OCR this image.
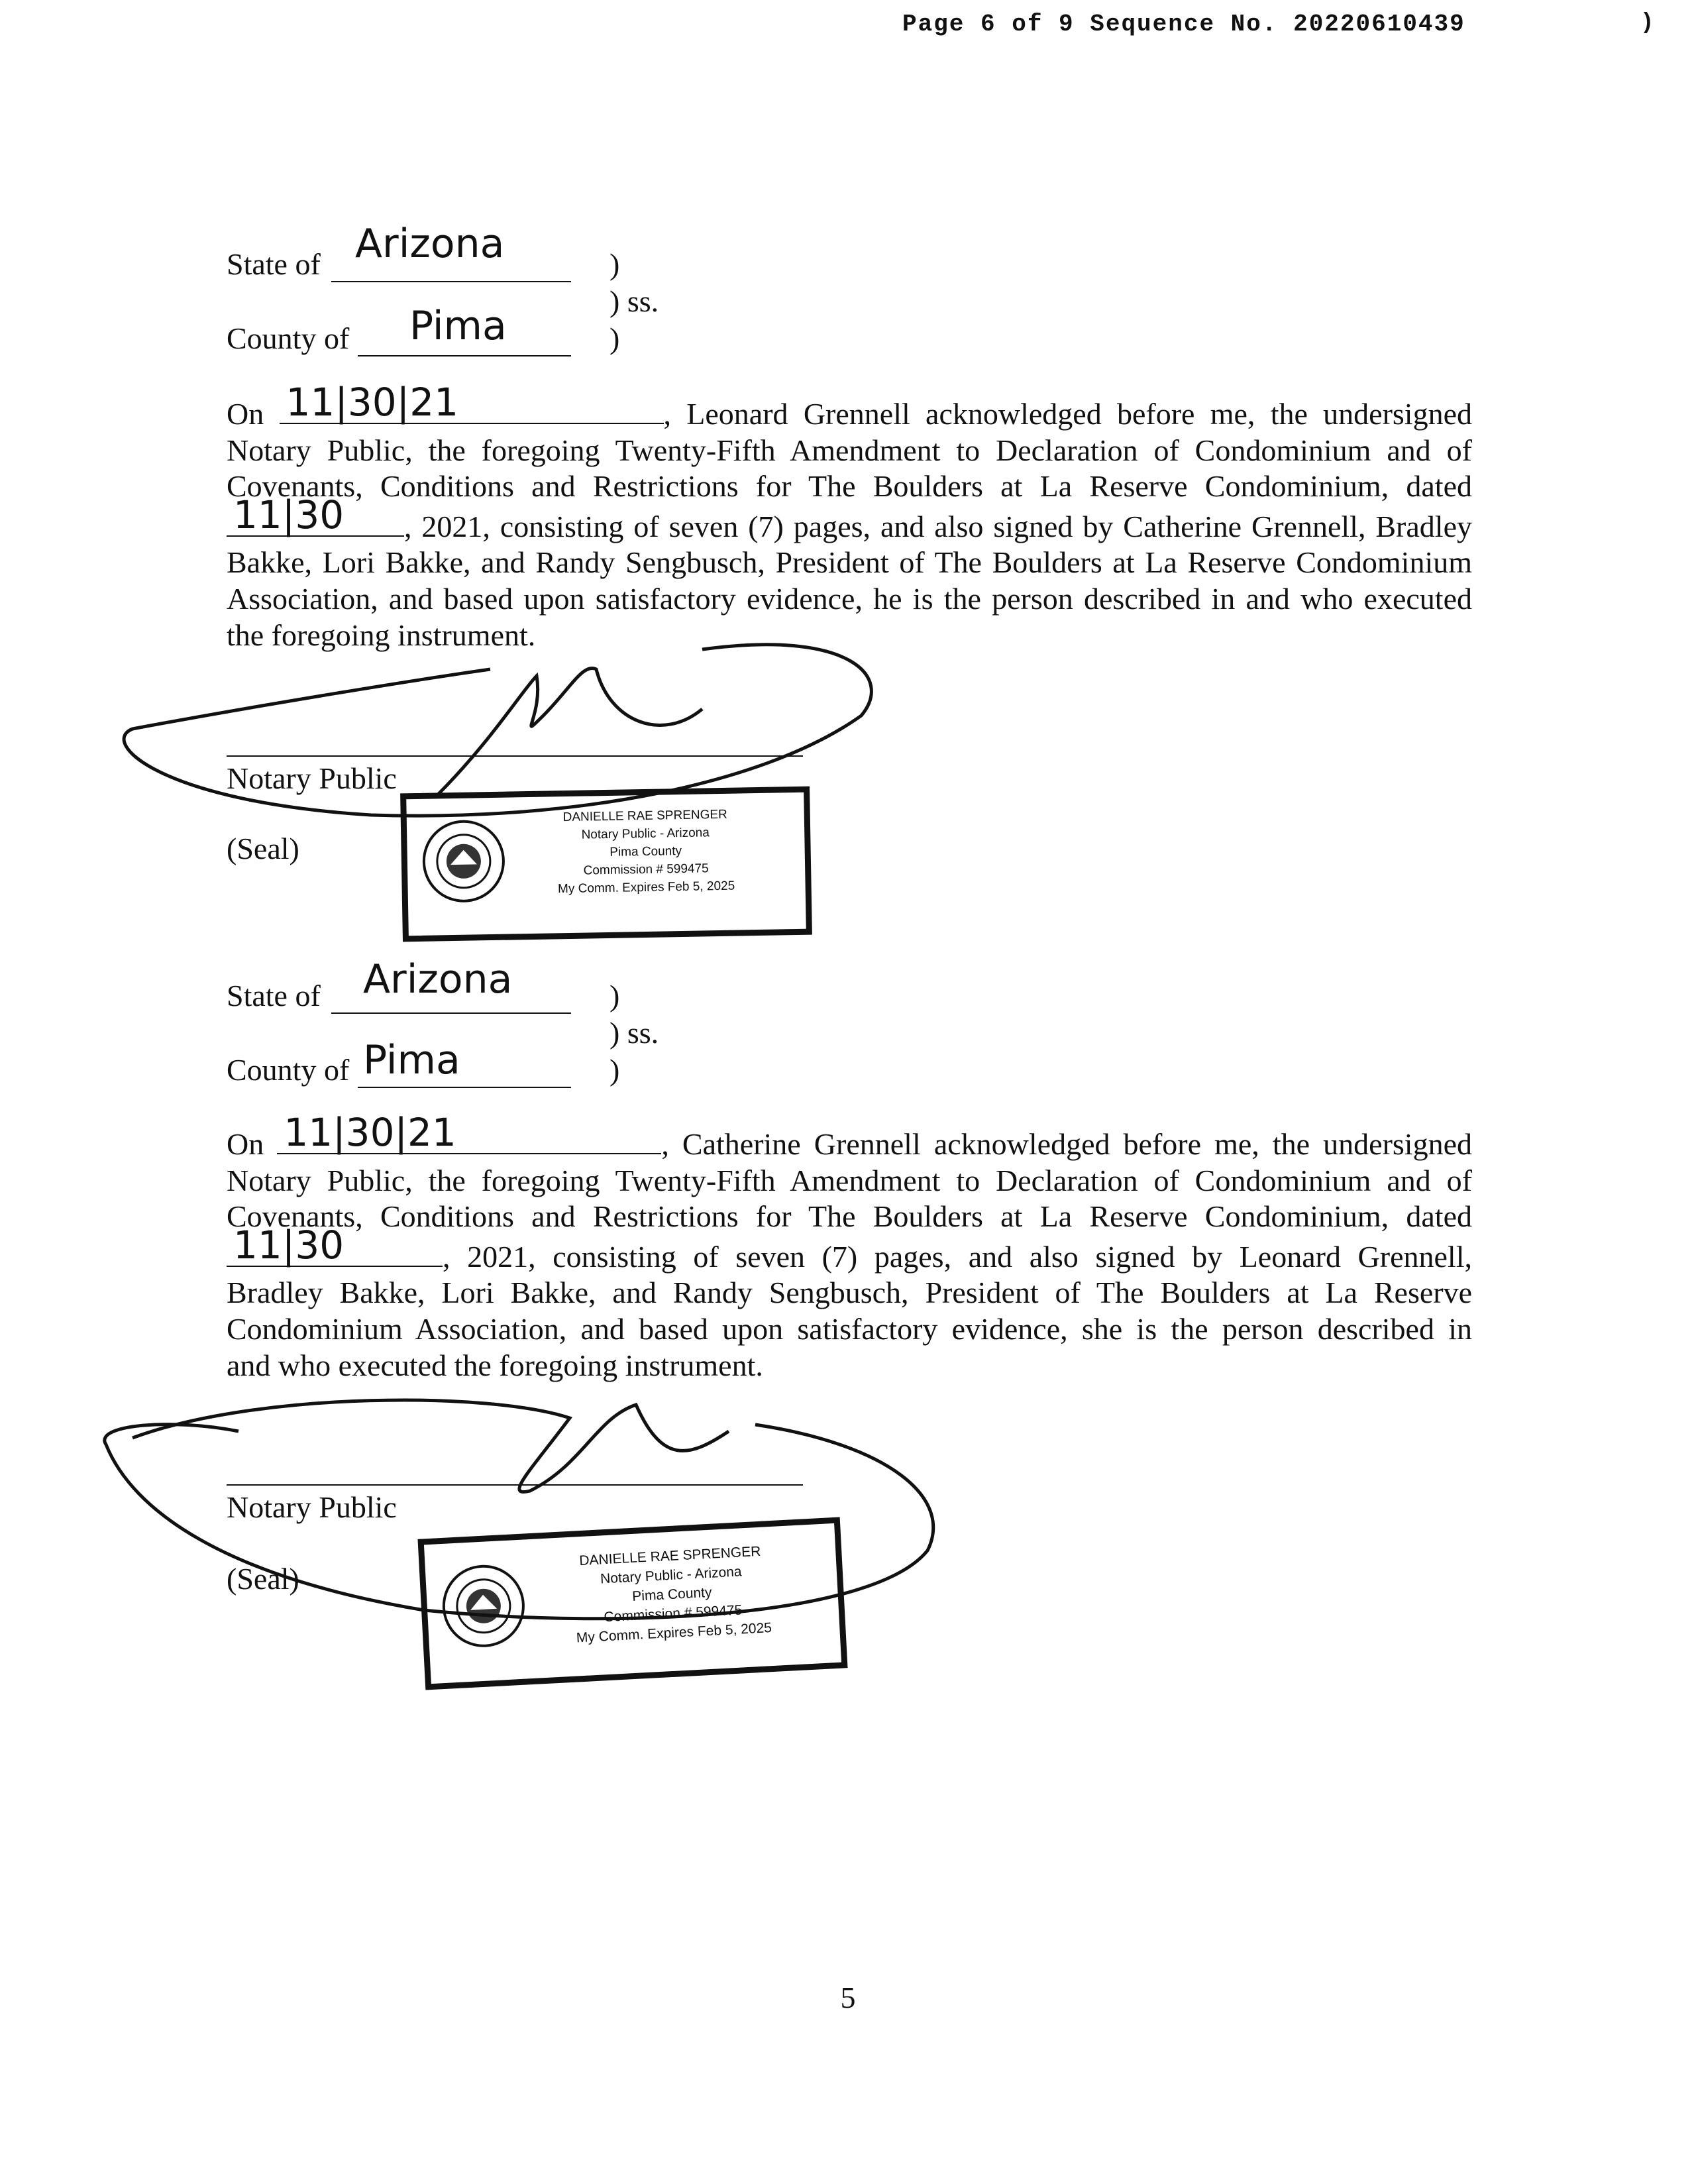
Page 6 of 9 Sequence No. 20220610439	)
State of Arizona	)
) ss.
County of Pima	)
On 11|30|21	, Leonard Grennell acknowledged before me, the undersigned
Notary Public, the foregoing Twenty-Fifth Amendment to Declaration of Condominium and of
Covenants, Conditions and Restrictions for The Boulders at La Reserve Condominium, dated
11|30 , 2021, consisting of seven (7) pages, and also signed by Catherine Grennell, Bradley
Bakke, Lori Bakke, and Randy Sengbusch, President of The Boulders at La Reserve Condominium
Association, and based upon satisfactory evidence, he is the person described in and who executed
the foregoing instrument.
Notary Public
(Seal)
DANIELLE RAE SPRENGER
Notary Public - Arizona
Pima County
Commission # 599475
My Comm. Expires Feb 5, 2025
State of Arizona	)
) ss.
County of Pima	)
On 11|30|21	, Catherine Grennell acknowledged before me, the undersigned
Notary Public, the foregoing Twenty-Fifth Amendment to Declaration of Condominium and of
Covenants, Conditions and Restrictions for The Boulders at La Reserve Condominium, dated
11|30	, 2021, consisting of seven (7) pages, and also signed by Leonard Grennell,
Bradley Bakke, Lori Bakke, and Randy Sengbusch, President of The Boulders at La Reserve
Condominium Association, and based upon satisfactory evidence, she is the person described in
and who executed the foregoing instrument.
Notary Public
(Seal)
DANIELLE RAE SPRENGER
Notary Public - Arizona
Pima County
Commission # 599475
My Comm. Expires Feb 5, 2025
5
